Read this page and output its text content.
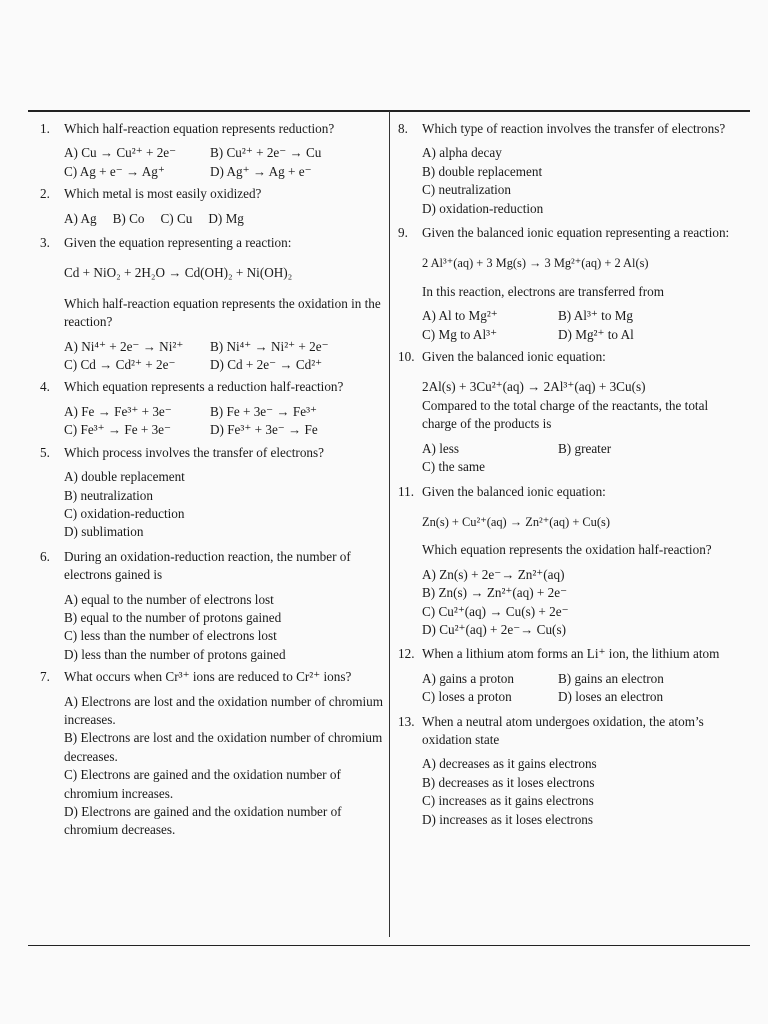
1.	Which half-reaction equation represents reduction?
A) Cu → Cu²⁺ + 2e⁻	B) Cu²⁺ + 2e⁻ → Cu
C) Ag + e⁻ → Ag⁺	D) Ag⁺ → Ag + e⁻
2.	Which metal is most easily oxidized?
A) Ag B) Co C) Cu D) Mg
3.	Given the equation representing a reaction:
Cd + NiO₂ + 2H₂O → Cd(OH)₂ + Ni(OH)₂
Which half-reaction equation represents the oxidation in the reaction?
A) Ni⁴⁺ + 2e⁻ → Ni²⁺	B) Ni⁴⁺ → Ni²⁺ + 2e⁻
C) Cd → Cd²⁺ + 2e⁻	D) Cd + 2e⁻ → Cd²⁺
4.	Which equation represents a reduction half-reaction?
A) Fe → Fe³⁺ + 3e⁻	B) Fe + 3e⁻ → Fe³⁺
C) Fe³⁺ → Fe + 3e⁻	D) Fe³⁺ + 3e⁻ → Fe
5.	Which process involves the transfer of electrons?
A) double replacement
B) neutralization
C) oxidation-reduction
D) sublimation
6.	During an oxidation-reduction reaction, the number of electrons gained is
A) equal to the number of electrons lost
B) equal to the number of protons gained
C) less than the number of electrons lost
D) less than the number of protons gained
7.	What occurs when Cr³⁺ ions are reduced to Cr²⁺ ions?
A) Electrons are lost and the oxidation number of chromium increases.
B) Electrons are lost and the oxidation number of chromium decreases.
C) Electrons are gained and the oxidation number of chromium increases.
D) Electrons are gained and the oxidation number of chromium decreases.
8.	Which type of reaction involves the transfer of electrons?
A) alpha decay
B) double replacement
C) neutralization
D) oxidation-reduction
9.	Given the balanced ionic equation representing a reaction:
2 Al³⁺(aq) + 3 Mg(s) → 3 Mg²⁺(aq) + 2 Al(s)
In this reaction, electrons are transferred from
A) Al to Mg²⁺	B) Al³⁺ to Mg
C) Mg to Al³⁺	D) Mg²⁺ to Al
10. Given the balanced ionic equation:
2Al(s) + 3Cu²⁺(aq) → 2Al³⁺(aq) + 3Cu(s)
Compared to the total charge of the reactants, the total charge of the products is
A) less	B) greater
C) the same
11. Given the balanced ionic equation:
Zn(s) + Cu²⁺(aq) → Zn²⁺(aq) + Cu(s)
Which equation represents the oxidation half-reaction?
A) Zn(s) + 2e⁻→ Zn²⁺(aq)
B) Zn(s) → Zn²⁺(aq) + 2e⁻
C) Cu²⁺(aq) → Cu(s) + 2e⁻
D) Cu²⁺(aq) + 2e⁻→ Cu(s)
12. When a lithium atom forms an Li⁺ ion, the lithium atom
A) gains a proton	B) gains an electron
C) loses a proton	D) loses an electron
13. When a neutral atom undergoes oxidation, the atom’s oxidation state
A) decreases as it gains electrons
B) decreases as it loses electrons
C) increases as it gains electrons
D) increases as it loses electrons
